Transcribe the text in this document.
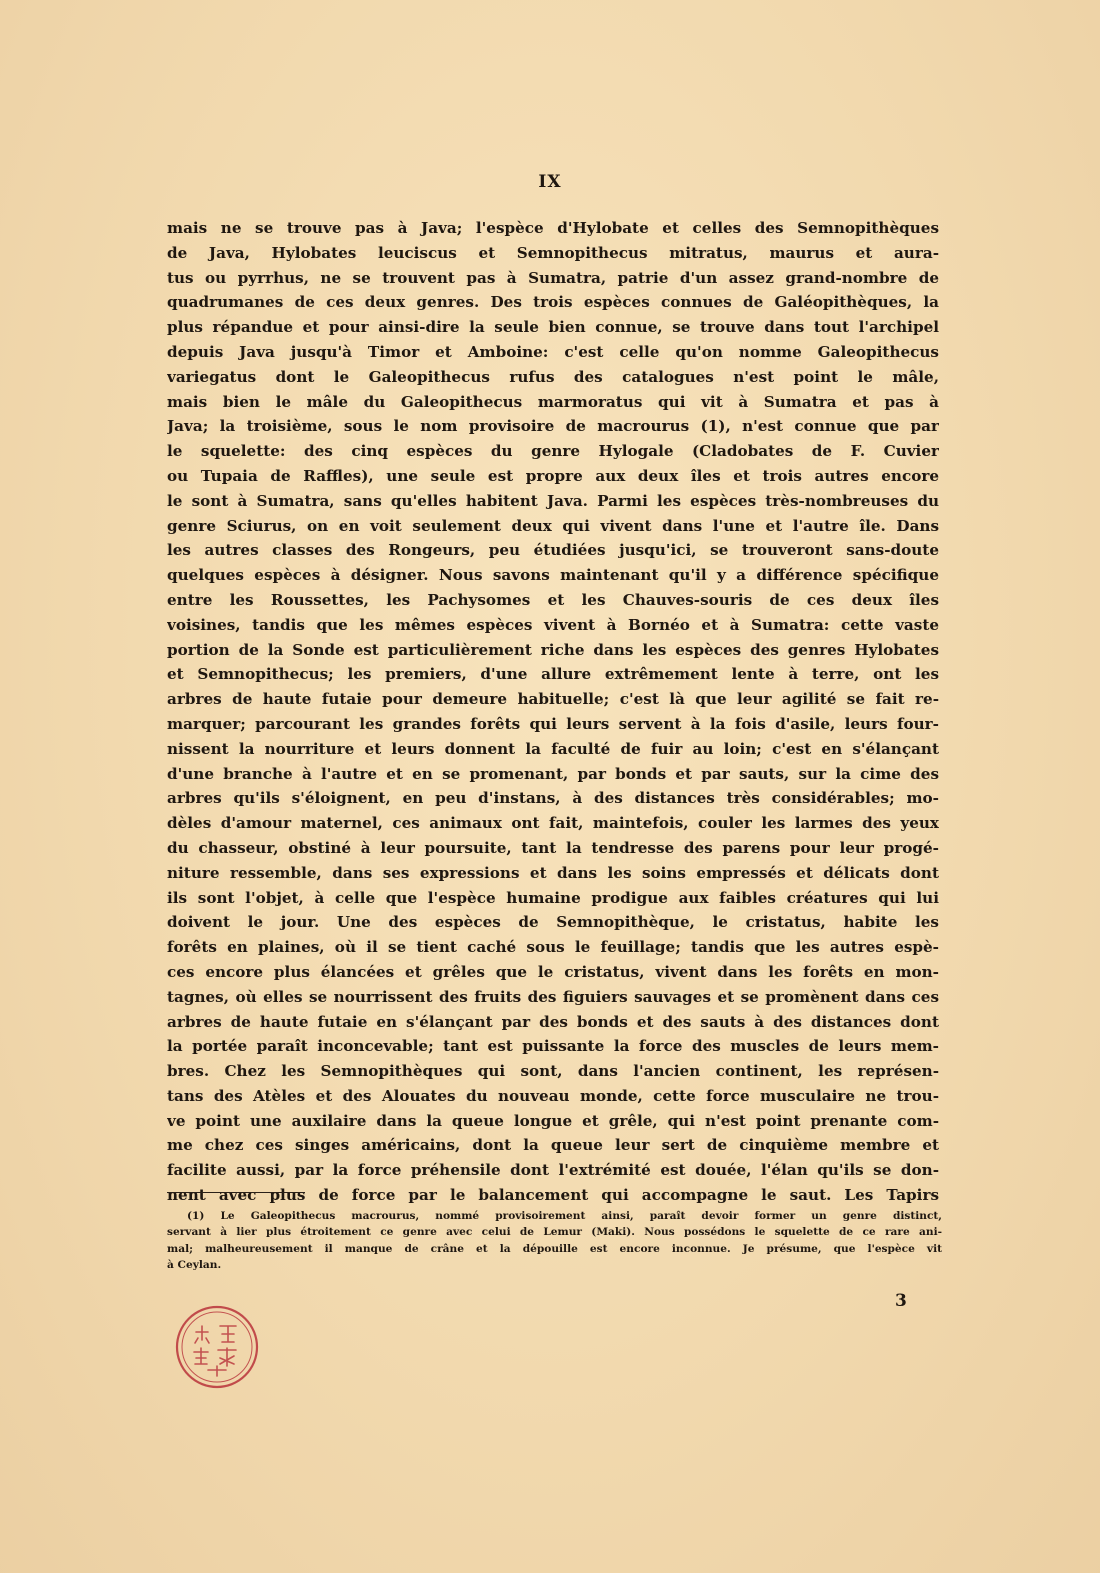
IX
mais ne se trouve pas à Java; l'espèce d'Hylobate et celles des Semnopithèques
de Java, Hylobates leuciscus et Semnopithecus mitratus, maurus et aura-
tus ou pyrrhus, ne se trouvent pas à Sumatra, patrie d'un assez grand-nombre de
quadrumanes de ces deux genres. Des trois espèces connues de Galéopithèques, la
plus répandue et pour ainsi-dire la seule bien connue, se trouve dans tout l'archipel
depuis Java jusqu'à Timor et Amboine: c'est celle qu'on nomme Galeopithecus
variegatus dont le Galeopithecus rufus des catalogues n'est point le mâle,
mais bien le mâle du Galeopithecus marmoratus qui vit à Sumatra et pas à
Java; la troisième, sous le nom provisoire de macrourus (1), n'est connue que par
le squelette: des cinq espèces du genre Hylogale (Cladobates de F. Cuvier
ou Tupaia de Raffles), une seule est propre aux deux îles et trois autres encore
le sont à Sumatra, sans qu'elles habitent Java. Parmi les espèces très-nombreuses du
genre Sciurus, on en voit seulement deux qui vivent dans l'une et l'autre île. Dans
les autres classes des Rongeurs, peu étudiées jusqu'ici, se trouveront sans-doute
quelques espèces à désigner. Nous savons maintenant qu'il y a différence spécifique
entre les Roussettes, les Pachysomes et les Chauves-souris de ces deux îles
voisines, tandis que les mêmes espèces vivent à Bornéo et à Sumatra: cette vaste
portion de la Sonde est particulièrement riche dans les espèces des genres Hylobates
et Semnopithecus; les premiers, d'une allure extrêmement lente à terre, ont les
arbres de haute futaie pour demeure habituelle; c'est là que leur agilité se fait re-
marquer; parcourant les grandes forêts qui leurs servent à la fois d'asile, leurs four-
nissent la nourriture et leurs donnent la faculté de fuir au loin; c'est en s'élançant
d'une branche à l'autre et en se promenant, par bonds et par sauts, sur la cime des
arbres qu'ils s'éloignent, en peu d'instans, à des distances très considérables; mo-
dèles d'amour maternel, ces animaux ont fait, maintefois, couler les larmes des yeux
du chasseur, obstiné à leur poursuite, tant la tendresse des parens pour leur progé-
niture ressemble, dans ses expressions et dans les soins empressés et délicats dont
ils sont l'objet, à celle que l'espèce humaine prodigue aux faibles créatures qui lui
doivent le jour. Une des espèces de Semnopithèque, le cristatus, habite les
forêts en plaines, où il se tient caché sous le feuillage; tandis que les autres espè-
ces encore plus élancées et grêles que le cristatus, vivent dans les forêts en mon-
tagnes, où elles se nourrissent des fruits des figuiers sauvages et se promènent dans ces
arbres de haute futaie en s'élançant par des bonds et des sauts à des distances dont
la portée paraît inconcevable; tant est puissante la force des muscles de leurs mem-
bres. Chez les Semnopithèques qui sont, dans l'ancien continent, les représen-
tans des Atèles et des Alouates du nouveau monde, cette force musculaire ne trou-
ve point une auxilaire dans la queue longue et grêle, qui n'est point prenante com-
me chez ces singes américains, dont la queue leur sert de cinquième membre et
facilite aussi, par la force préhensile dont l'extrémité est douée, l'élan qu'ils se don-
nent avec plus de force par le balancement qui accompagne le saut. Les Tapirs
(1) Le Galeopithecus macrourus, nommé provisoirement ainsi, paraît devoir former un genre distinct,
servant à lier plus étroitement ce genre avec celui de Lemur (Maki). Nous possédons le squelette de ce rare ani-
mal; malheureusement il manque de crâne et la dépouille est encore inconnue. Je présume, que l'espèce vit
à Ceylan.
3
